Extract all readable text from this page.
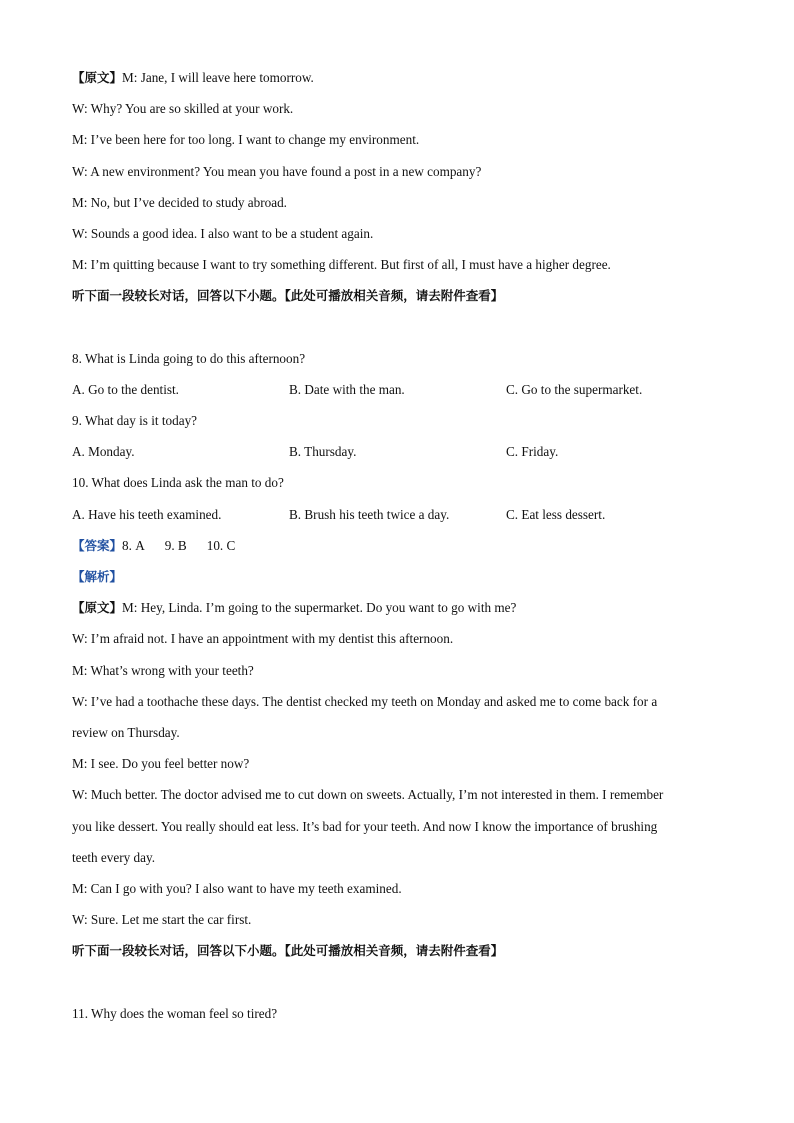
【原文】M: Jane, I will leave here tomorrow.
W: Why? You are so skilled at your work.
M: I’ve been here for too long. I want to change my environment.
W: A new environment? You mean you have found a post in a new company?
M: No, but I’ve decided to study abroad.
W: Sounds a good idea. I also want to be a student again.
M: I’m quitting because I want to try something different. But first of all, I must have a higher degree.
听下面一段较长对话，回答以下小题。【此处可播放相关音频，请去附件查看】
8. What is Linda going to do this afternoon?
A. Go to the dentist.	B. Date with the man.	C. Go to the supermarket.
9. What day is it today?
A. Monday.	B. Thursday.	C. Friday.
10. What does Linda ask the man to do?
A. Have his teeth examined.	B. Brush his teeth twice a day.	C. Eat less dessert.
【答案】8. A 9. B 10. C
【解析】
【原文】M: Hey, Linda. I’m going to the supermarket. Do you want to go with me?
W: I’m afraid not. I have an appointment with my dentist this afternoon.
M: What’s wrong with your teeth?
W: I’ve had a toothache these days. The dentist checked my teeth on Monday and asked me to come back for a
review on Thursday.
M: I see. Do you feel better now?
W: Much better. The doctor advised me to cut down on sweets. Actually, I’m not interested in them. I remember
you like dessert. You really should eat less. It’s bad for your teeth. And now I know the importance of brushing
teeth every day.
M: Can I go with you? I also want to have my teeth examined.
W: Sure. Let me start the car first.
听下面一段较长对话，回答以下小题。【此处可播放相关音频，请去附件查看】
11. Why does the woman feel so tired?
